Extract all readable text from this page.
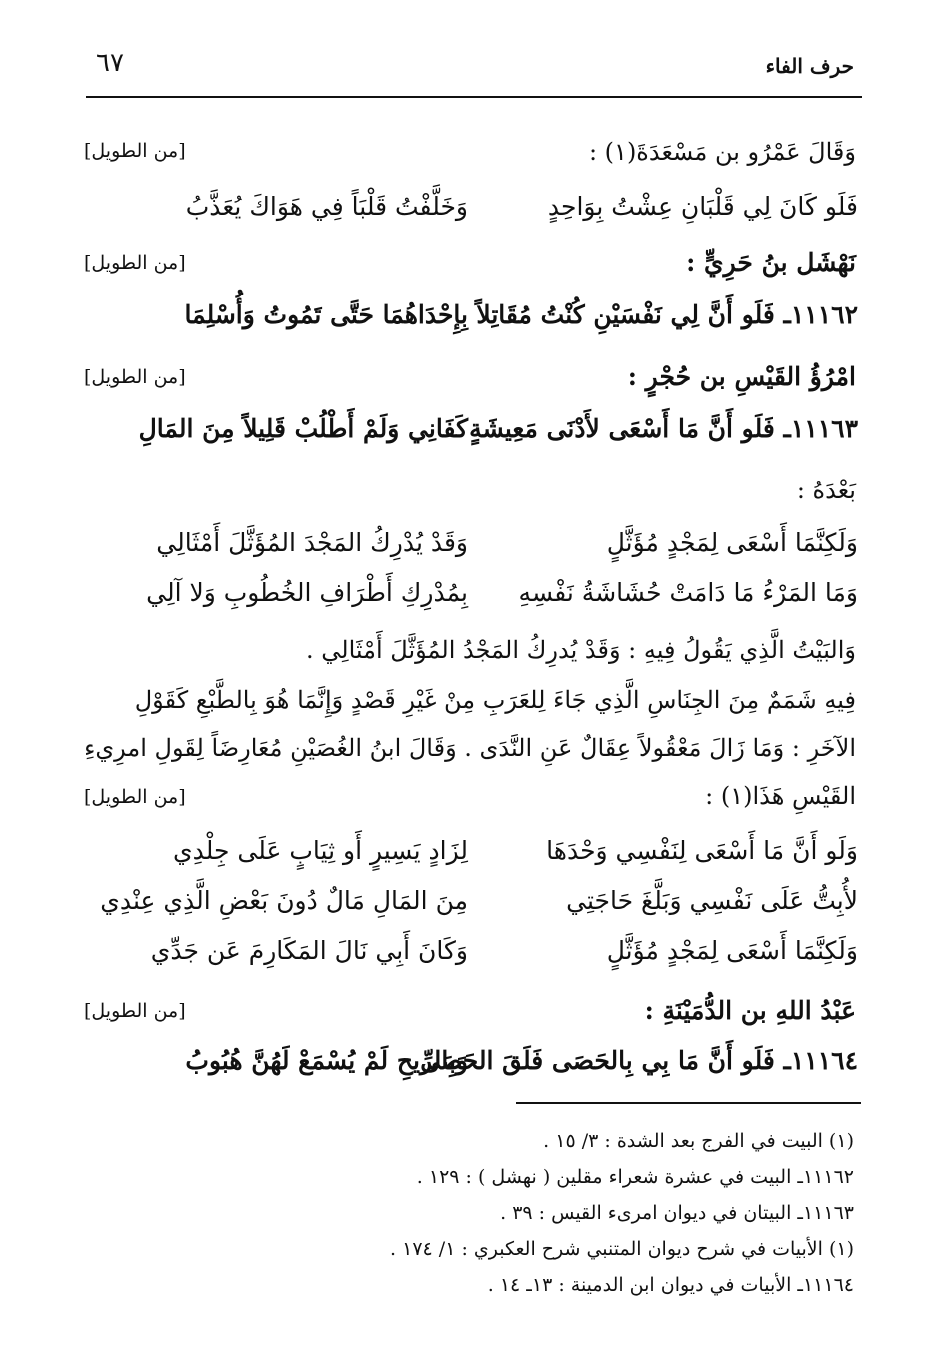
حرف الفاء
٦٧
[من الطويل]	وَقَالَ عَمْرُو بن مَسْعَدَةَ(١) :
فَلَو كَانَ لِي قَلْبَانِ عِشْتُ بِوَاحِدٍ
وَخَلَّفْتُ قَلْبَاً فِي هَوَاكَ يُعَذَّبُ
[من الطويل]	نَهْشَل بنُ حَرِيٍّ :
١١١٦٢ـ فَلَو أَنَّ لِي نَفْسَيْنِ كُنْتُ مُقَاتِلاً
بِإِحْدَاهُمَا حَتَّى تَمُوتُ وَأُسْلِمَا
[من الطويل]	امْرُؤُ القَيْسِ بن حُجْرٍ :
١١١٦٣ـ فَلَو أَنَّ مَا أَسْعَى لأَدْنَى مَعِيشَةٍ
كَفَانِي وَلَمْ أَطْلُبْ قَلِيلاً مِنَ المَالِ
بَعْدَهُ :
وَلَكِنَّمَا أَسْعَى لِمَجْدٍ مُؤَثَّلٍ
وَقَدْ يُدْرِكُ المَجْدَ المُؤَثَّلَ أَمْثَالِي
وَمَا المَرْءُ مَا دَامَتْ حُشَاشَةُ نَفْسِهِ
بِمُدْرِكِ أَطْرَافِ الخُطُوبِ وَلا آلِي
وَالبَيْتُ الَّذِي يَقُولُ فِيهِ : وَقَدْ يُدرِكُ المَجْدُ المُؤَثَّلَ أَمْثَالِي .
فِيهِ شَمَمٌ مِنَ الجِنَاسِ الَّذِي جَاءَ لِلعَرَبِ مِنْ غَيْرِ قَصْدٍ وَإِنَّمَا هُوَ بِالطَّبْعِ كَقَوْلِ
الآخَرِ : وَمَا زَالَ مَعْقُولاً عِقَالٌ عَنِ النَّدَى . وَقَالَ ابنُ الغُصَيْنِ مُعَارِضَاً لِقَولِ امرِيءِ
[من الطويل]	القَيْسِ هَذَا(١) :
وَلَو أَنَّ مَا أَسْعَى لِنَفْسِي وَحْدَهَا
لِزَادٍ يَسِيرٍ أَو ثِيَابٍ عَلَى جِلْدِي
لأُبِتُّ عَلَى نَفْسِي وَبَلَّغَ حَاجَتِي
مِنَ المَالِ مَالٌ دُونَ بَعْضِ الَّذِي عِنْدِي
وَلَكِنَّمَا أَسْعَى لِمَجْدٍ مُؤَثَّلٍ
وَكَانَ أَبِي نَالَ المَكَارِمَ عَن جَدِّي
[من الطويل]	عَبْدُ اللهِ بن الدُّمَيْنَةِ :
١١١٦٤ـ فَلَو أَنَّ مَا بِي بِالحَصَى فَلَقَ الحَصَى
وَبِالرِّيحِ لَمْ يُسْمَعْ لَهُنَّ هُبُوبُ
(١) البيت في الفرج بعد الشدة : ٣/ ١٥ .
١١١٦٢ـ البيت في عشرة شعراء مقلين ( نهشل ) : ١٢٩ .
١١١٦٣ـ البيتان في ديوان امرىء القيس : ٣٩ .
(١) الأبيات في شرح ديوان المتنبي شرح العكبري : ١/ ١٧٤ .
١١١٦٤ـ الأبيات في ديوان ابن الدمينة : ١٣ـ ١٤ .
